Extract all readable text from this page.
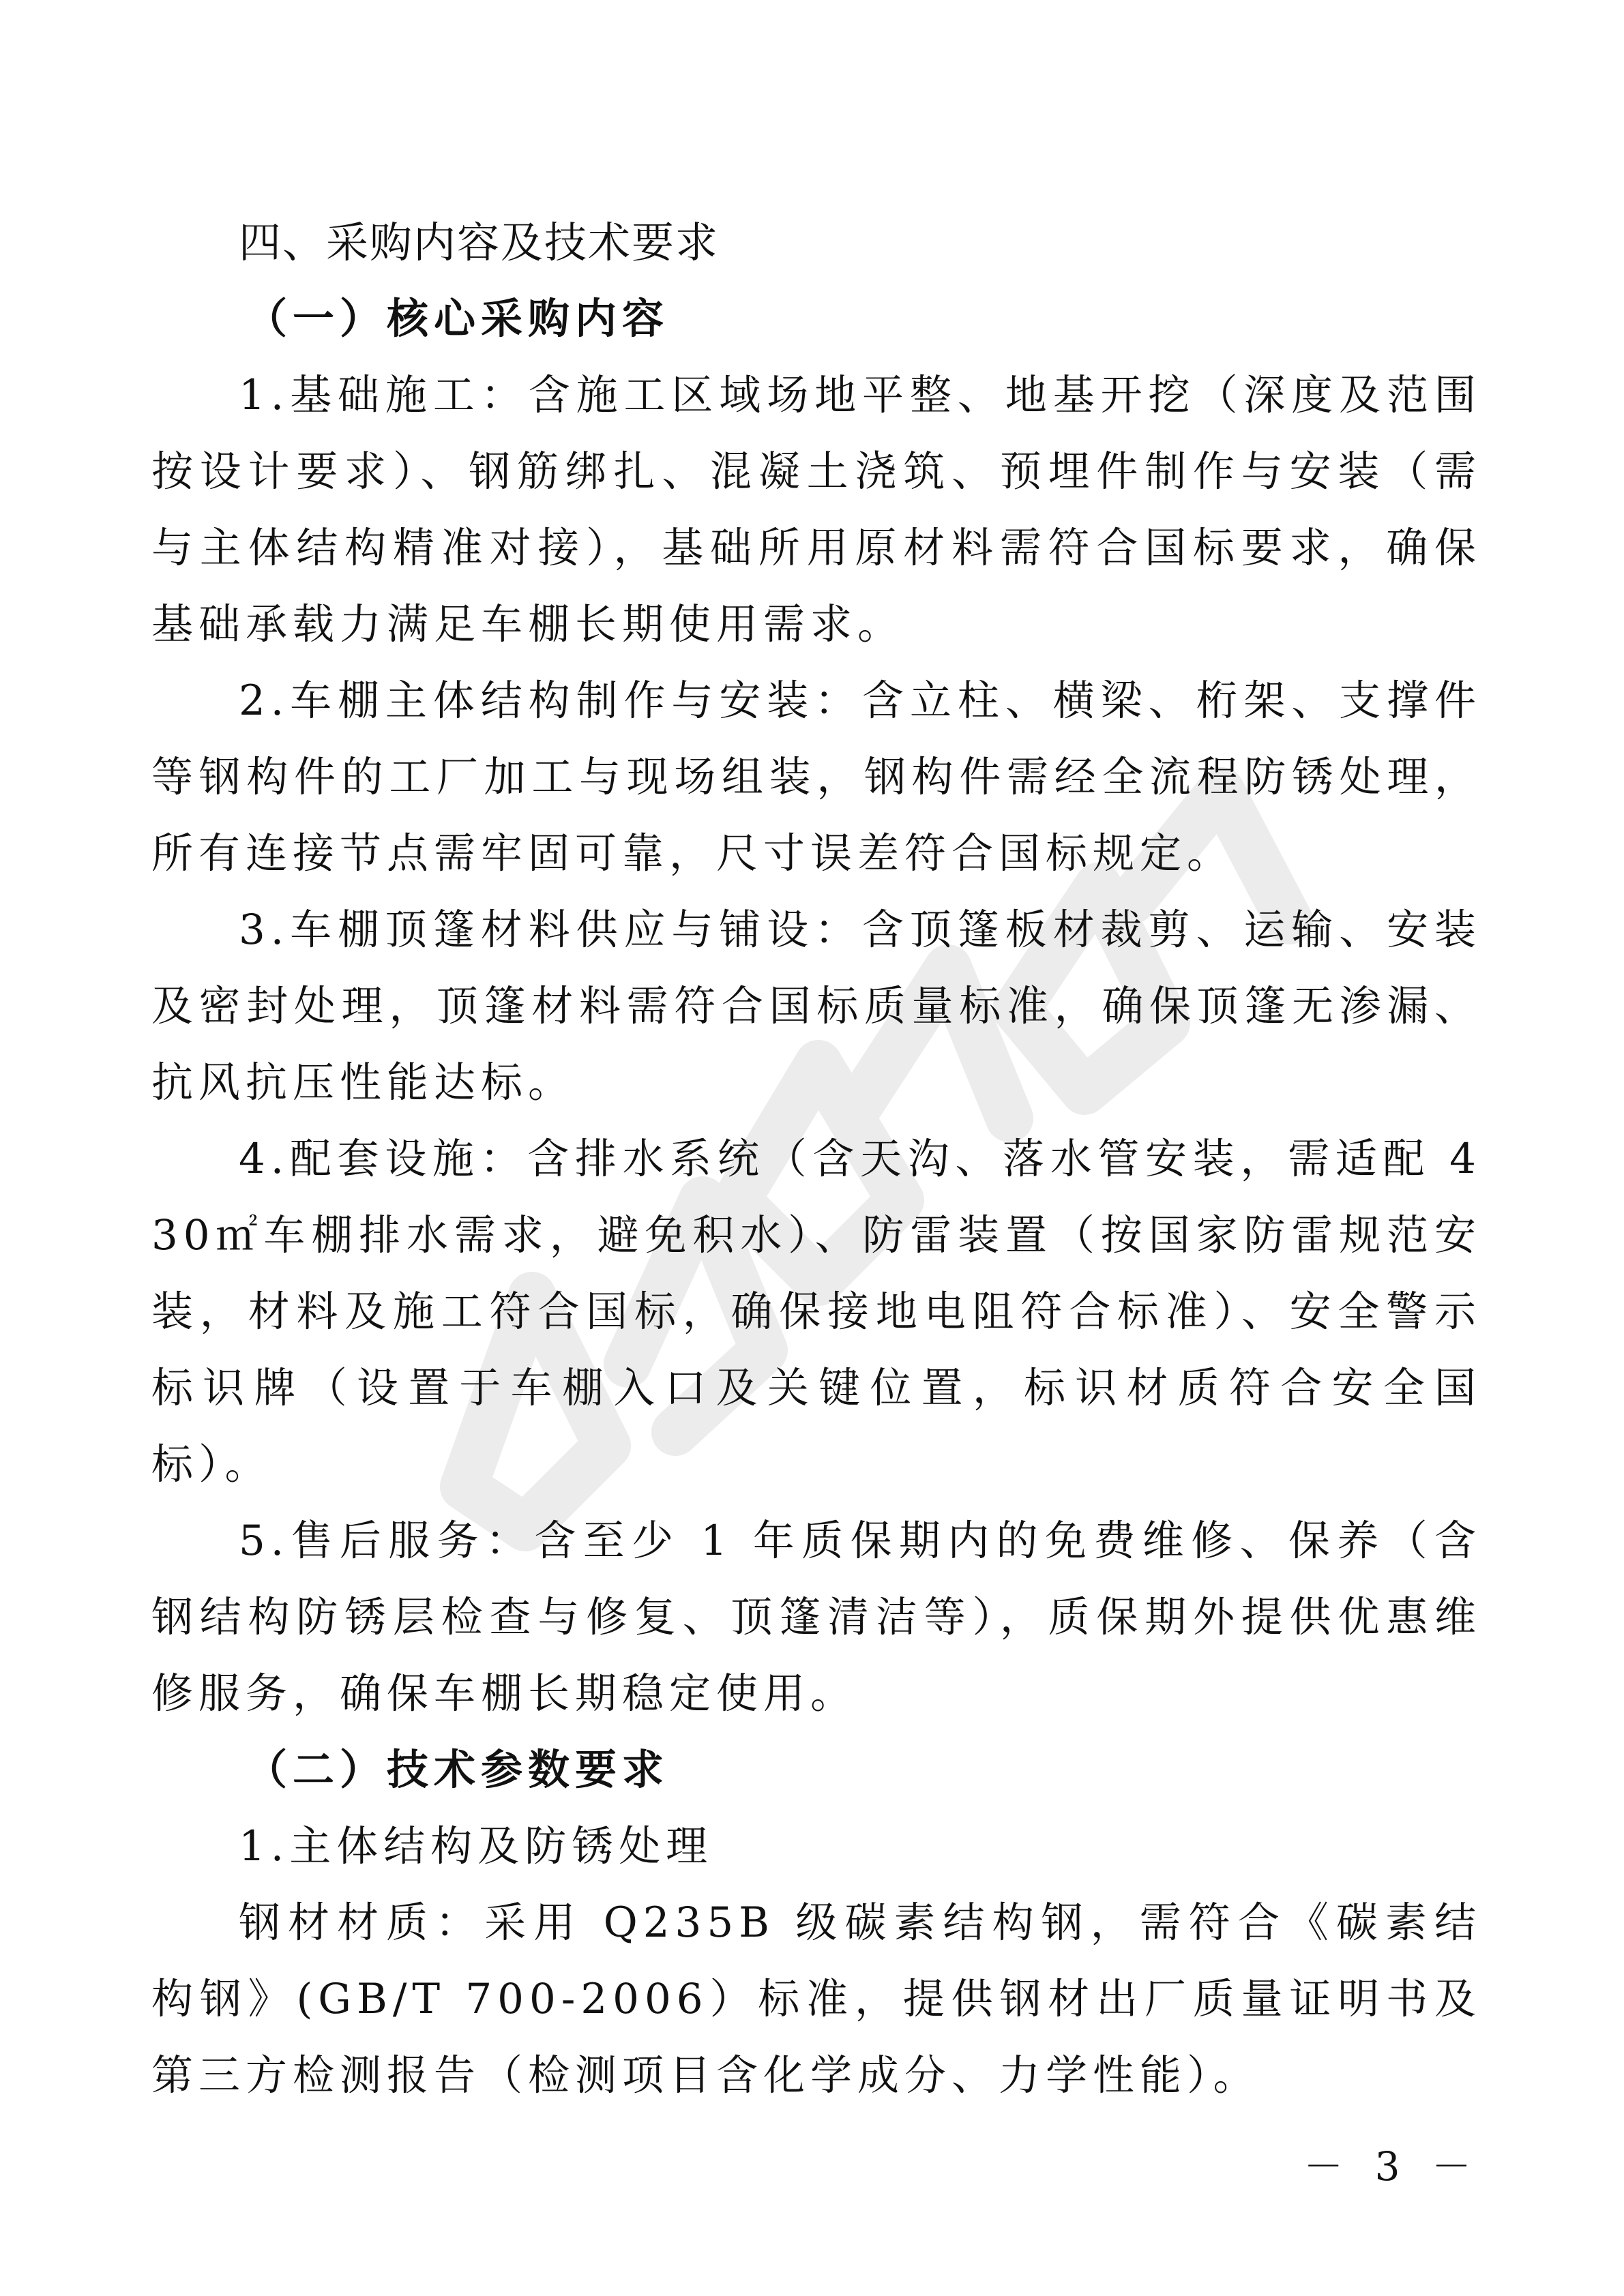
四、采购内容及技术要求

（一）核心采购内容

1.基础施工：含施工区域场地平整、地基开挖（深度及范围按设计要求）、钢筋绑扎、混凝土浇筑、预埋件制作与安装（需与主体结构精准对接），基础所用原材料需符合国标要求，确保基础承载力满足车棚长期使用需求。

2.车棚主体结构制作与安装：含立柱、横梁、桁架、支撑件等钢构件的工厂加工与现场组装，钢构件需经全流程防锈处理，所有连接节点需牢固可靠，尺寸误差符合国标规定。

3.车棚顶篷材料供应与铺设：含顶篷板材裁剪、运输、安装及密封处理，顶篷材料需符合国标质量标准，确保顶篷无渗漏、抗风抗压性能达标。

4.配套设施：含排水系统（含天沟、落水管安装，需适配 430㎡车棚排水需求，避免积水）、防雷装置（按国家防雷规范安装，材料及施工符合国标，确保接地电阻符合标准）、安全警示标识牌（设置于车棚入口及关键位置，标识材质符合安全国标）。

5.售后服务：含至少 1 年质保期内的免费维修、保养（含钢结构防锈层检查与修复、顶篷清洁等），质保期外提供优惠维修服务，确保车棚长期稳定使用。

（二）技术参数要求

1.主体结构及防锈处理

钢材材质：采用 Q235B 级碳素结构钢，需符合《碳素结构钢》(GB/T 700-2006）标准，提供钢材出厂质量证明书及第三方检测报告（检测项目含化学成分、力学性能）。

－ 3 －
